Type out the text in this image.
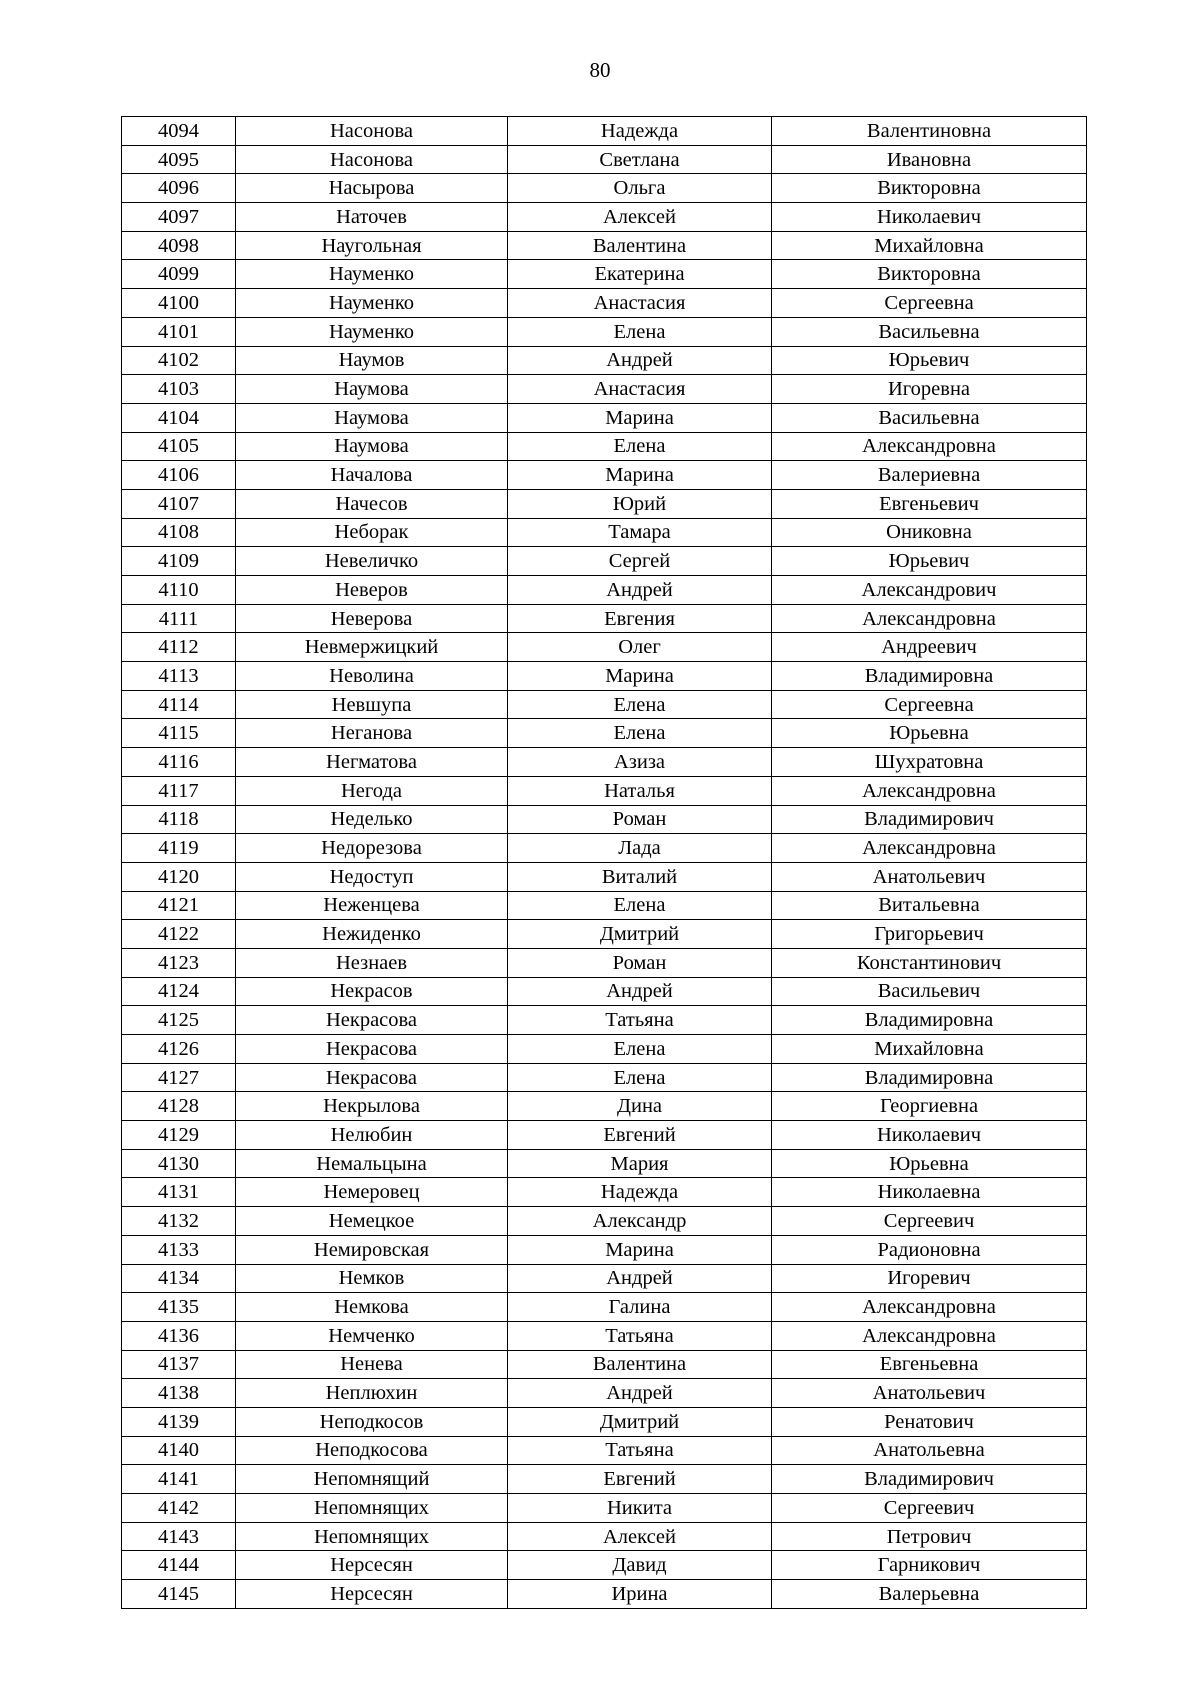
80
4094	Насонова	Надежда	Валентиновна
4095	Насонова	Светлана	Ивановна
4096	Насырова	Ольга	Викторовна
4097	Наточев	Алексей	Николаевич
4098	Наугольная	Валентина	Михайловна
4099	Науменко	Екатерина	Викторовна
4100	Науменко	Анастасия	Сергеевна
4101	Науменко	Елена	Васильевна
4102	Наумов	Андрей	Юрьевич
4103	Наумова	Анастасия	Игоревна
4104	Наумова	Марина	Васильевна
4105	Наумова	Елена	Александровна
4106	Началова	Марина	Валериевна
4107	Начесов	Юрий	Евгеньевич
4108	Неборак	Тамара	Ониковна
4109	Невеличко	Сергей	Юрьевич
4110	Неверов	Андрей	Александрович
4111	Неверова	Евгения	Александровна
4112	Невмержицкий	Олег	Андреевич
4113	Неволина	Марина	Владимировна
4114	Невшупа	Елена	Сергеевна
4115	Неганова	Елена	Юрьевна
4116	Негматова	Азиза	Шухратовна
4117	Негода	Наталья	Александровна
4118	Неделько	Роман	Владимирович
4119	Недорезова	Лада	Александровна
4120	Недоступ	Виталий	Анатольевич
4121	Неженцева	Елена	Витальевна
4122	Нежиденко	Дмитрий	Григорьевич
4123	Незнаев	Роман	Константинович
4124	Некрасов	Андрей	Васильевич
4125	Некрасова	Татьяна	Владимировна
4126	Некрасова	Елена	Михайловна
4127	Некрасова	Елена	Владимировна
4128	Некрылова	Дина	Георгиевна
4129	Нелюбин	Евгений	Николаевич
4130	Немальцына	Мария	Юрьевна
4131	Немеровец	Надежда	Николаевна
4132	Немецкое	Александр	Сергеевич
4133	Немировская	Марина	Радионовна
4134	Немков	Андрей	Игоревич
4135	Немкова	Галина	Александровна
4136	Немченко	Татьяна	Александровна
4137	Ненева	Валентина	Евгеньевна
4138	Неплюхин	Андрей	Анатольевич
4139	Неподкосов	Дмитрий	Ренатович
4140	Неподкосова	Татьяна	Анатольевна
4141	Непомнящий	Евгений	Владимирович
4142	Непомнящих	Никита	Сергеевич
4143	Непомнящих	Алексей	Петрович
4144	Нерсесян	Давид	Гарникович
4145	Нерсесян	Ирина	Валерьевна
